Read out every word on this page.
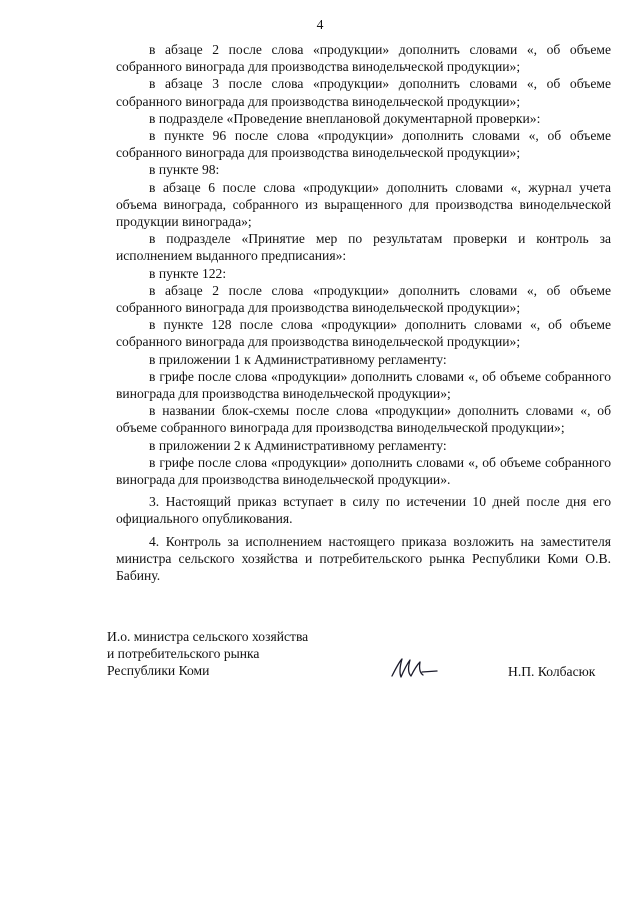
4

в абзаце 2 после слова «продукции» дополнить словами «, об объеме собранного винограда для производства винодельческой продукции»;

в абзаце 3 после слова «продукции» дополнить словами «, об объеме собранного винограда для производства винодельческой продукции»;

в подразделе «Проведение внеплановой документарной проверки»:

в пункте 96 после слова «продукции» дополнить словами «, об объеме собранного винограда для производства винодельческой продукции»;

в пункте 98:

в абзаце 6 после слова «продукции» дополнить словами «, журнал учета объема винограда, собранного из выращенного для производства винодельческой продукции винограда»;

в подразделе «Принятие мер по результатам проверки и контроль за исполнением выданного предписания»:

в пункте 122:

в абзаце 2 после слова «продукции» дополнить словами «, об объеме собранного винограда для производства винодельческой продукции»;

в пункте 128 после слова «продукции» дополнить словами «, об объеме собранного винограда для производства винодельческой продукции»;

в приложении 1 к Административному регламенту:

в грифе после слова «продукции» дополнить словами «, об объеме собранного винограда для производства винодельческой продукции»;

в названии блок-схемы после слова «продукции» дополнить словами «, об объеме собранного винограда для производства винодельческой продукции»;

в приложении 2 к Административному регламенту:

в грифе после слова «продукции» дополнить словами «, об объеме собранного винограда для производства винодельческой продукции».

3. Настоящий приказ вступает в силу по истечении 10 дней после дня его официального опубликования.

4. Контроль за исполнением настоящего приказа возложить на заместителя министра сельского хозяйства и потребительского рынка Республики Коми О.В. Бабину.

И.о. министра сельского хозяйства
и потребительского рынка
Республики Коми	Н.П. Колбасюк
